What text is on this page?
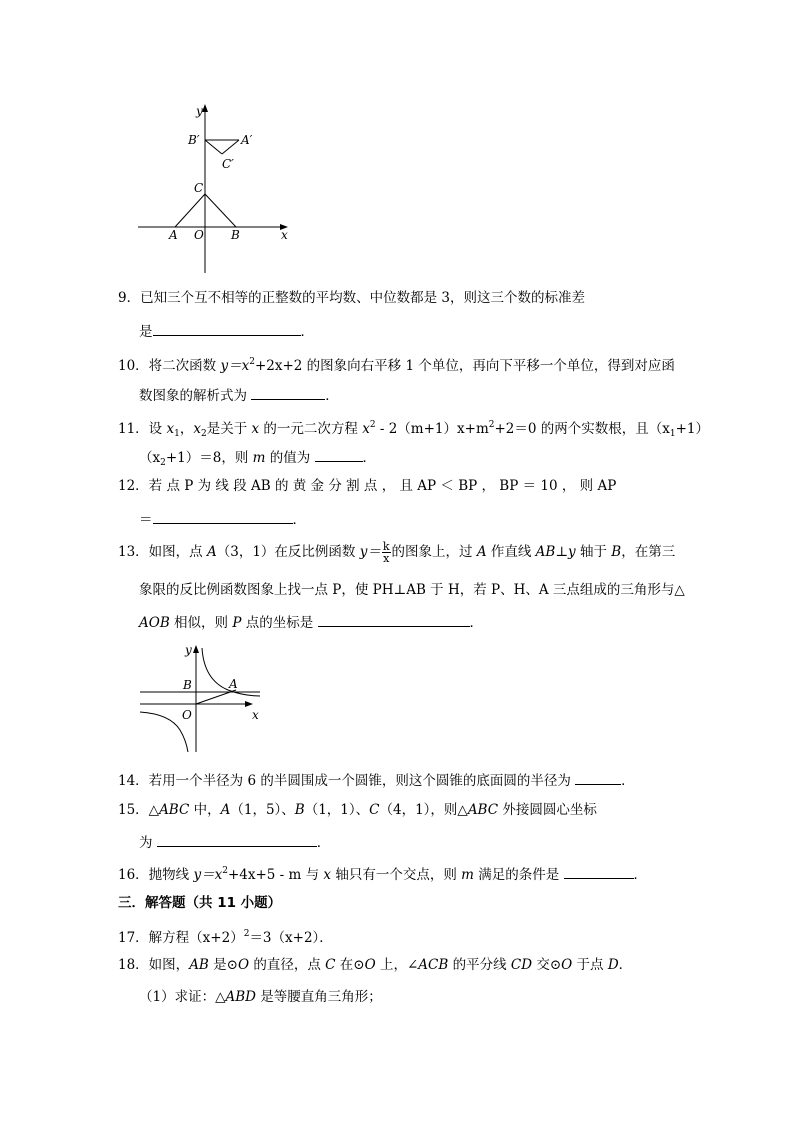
y
x
O
A	B
C
A′
B′
C′
9．已知三个互不相等的正整数的平均数、中位数都是 3，则这三个数的标准差
是	．
10．将二次函数 $y=x^2+2x+2$ 的图象向右平移 1 个单位，再向下平移一个单位，得到对应函
数图象的解析式为	．
11．设 $x_1$，$x_2$是关于 x 的一元二次方程 $x^2 - 2(m+1)x+m^2+2=0$ 的两个实数根，且$(x_1+1)$
$(x_2+1)=8$，则 m 的值为	．
12．若 点 P 为 线 段 AB 的 黄 金 分 割 点 ， 且 AP ＜ BP ， BP ＝ 10 ， 则 AP
＝	．
13．如图，点 A（3，1）在反比例函数 $y= \frac{k}{x}$ 的图象上，过 A 作直线 AB⊥y 轴于 B，在第三
象限的反比例函数图象上找一点 P，使 PH⊥AB 于 H，若 P、H、A 三点组成的三角形与△
AOB 相似，则 P 点的坐标是	．
y
x
O
A
B
14．若用一个半径为 6 的半圆围成一个圆锥，则这个圆锥的底面圆的半径为	．
15．△ABC 中，A（1，5）、B（1，1）、C（4，1），则△ABC 外接圆圆心坐标
为	．
16．抛物线 $y=x^2+4x+5 - m$ 与 x 轴只有一个交点，则 m 满足的条件是	．
三．解答题（共 11 小题）
17．解方程$(x+2)^2=3(x+2)$．
18．如图，AB 是⊙O 的直径，点 C 在⊙O 上，∠ACB 的平分线 CD 交⊙O 于点 D．
（1）求证：△ABD 是等腰直角三角形；
